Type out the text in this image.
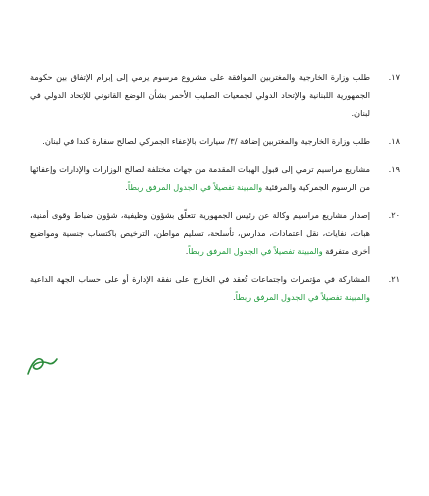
١٧.
طلب وزارة الخارجية والمغتربين الموافقة على مشروع مرسوم يرمي إلى إبرام الإتفاق بين حكومة الجمهورية اللبنانية والإتحاد الدولي لجمعيات الصليب الأحمر بشأن الوضع القانوني للإتحاد الدولي في لبنان.
١٨.
طلب وزارة الخارجية والمغتربين إضافة /٣/ سيارات بالإعفاء الجمركي لصالح سفارة كندا في لبنان.
١٩.
مشاريع مراسيم ترمي إلى قبول الهبات المقدمة من جهات مختلفة لصالح الوزارات والإدارات وإعفائها من الرسوم الجمركية والمرفئية والمبينة تفصيلاً في الجدول المرفق ربطاً.
٢٠.
إصدار مشاريع مراسيم وكالة عن رئيس الجمهورية تتعلّق بشؤون وظيفية، شؤون ضباط وقوى أمنية، هبات، نفايات، نقل اعتمادات، مدارس، تأسلحة، تسليم مواطن، الترخيص باكتساب جنسية ومواضيع أخرى متفرقة والمبينة تفصيلاً في الجدول المرفق ربطاً.
٢١.
المشاركة في مؤتمرات واجتماعات تُعقد في الخارج على نفقة الإدارة أو على حساب الجهة الداعية والمبينة تفصيلاً في الجدول المرفق ربطاً.
